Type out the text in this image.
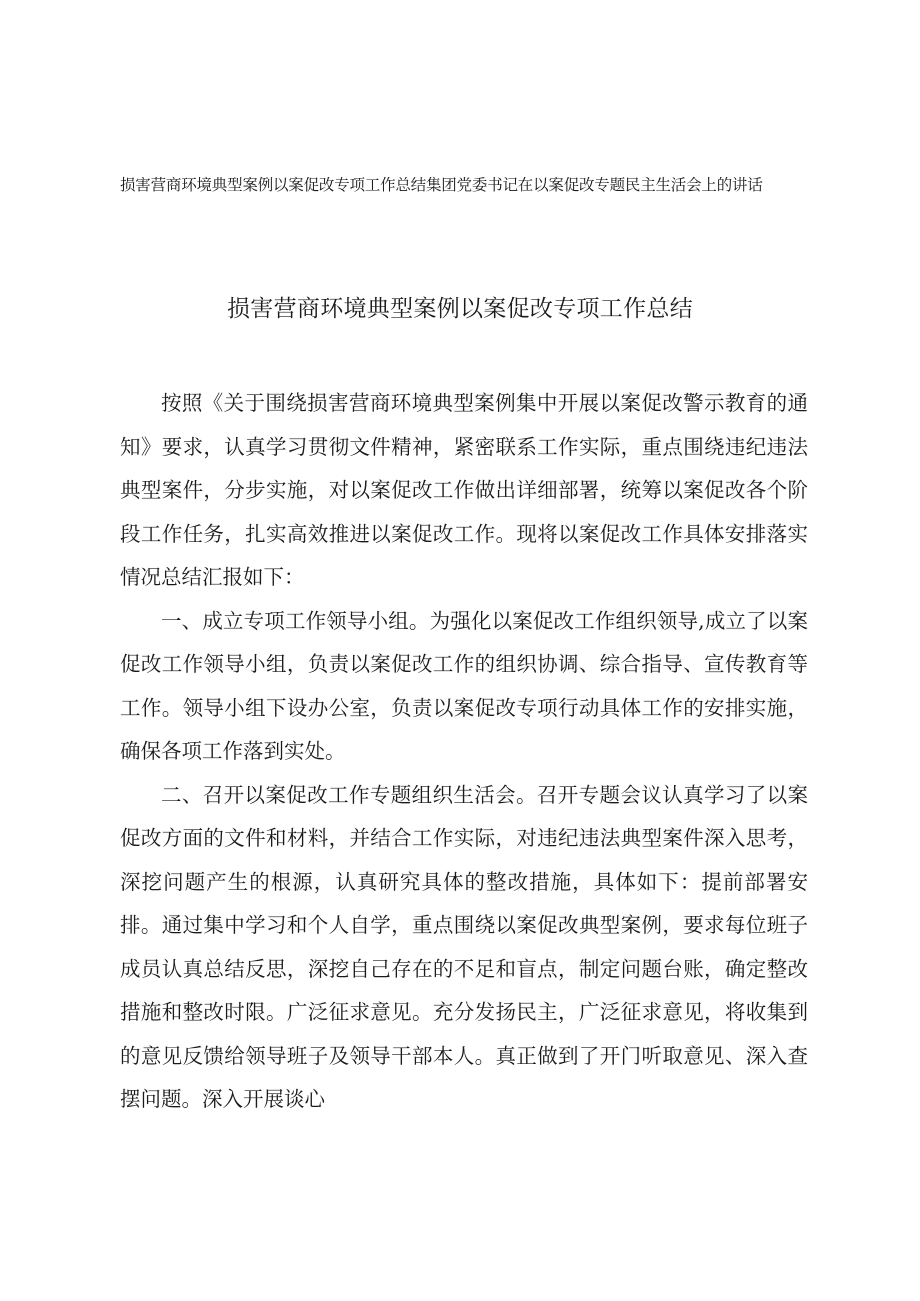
损害营商环境典型案例以案促改专项工作总结集团党委书记在以案促改专题民主生活会上的讲话
损害营商环境典型案例以案促改专项工作总结

按照《关于围绕损害营商环境典型案例集中开展以案促改警示教育的通知》要求，认真学习贯彻文件精神，紧密联系工作实际，重点围绕违纪违法典型案件，分步实施，对以案促改工作做出详细部署，统筹以案促改各个阶段工作任务，扎实高效推进以案促改工作。现将以案促改工作具体安排落实情况总结汇报如下：

一、成立专项工作领导小组。为强化以案促改工作组织领导,成立了以案促改工作领导小组，负责以案促改工作的组织协调、综合指导、宣传教育等工作。领导小组下设办公室，负责以案促改专项行动具体工作的安排实施，确保各项工作落到实处。

二、召开以案促改工作专题组织生活会。召开专题会议认真学习了以案促改方面的文件和材料，并结合工作实际，对违纪违法典型案件深入思考，深挖问题产生的根源，认真研究具体的整改措施，具体如下：提前部署安排。通过集中学习和个人自学，重点围绕以案促改典型案例，要求每位班子成员认真总结反思，深挖自己存在的不足和盲点，制定问题台账，确定整改措施和整改时限。广泛征求意见。充分发扬民主，广泛征求意见，将收集到的意见反馈给领导班子及领导干部本人。真正做到了开门听取意见、深入查摆问题。深入开展谈心
